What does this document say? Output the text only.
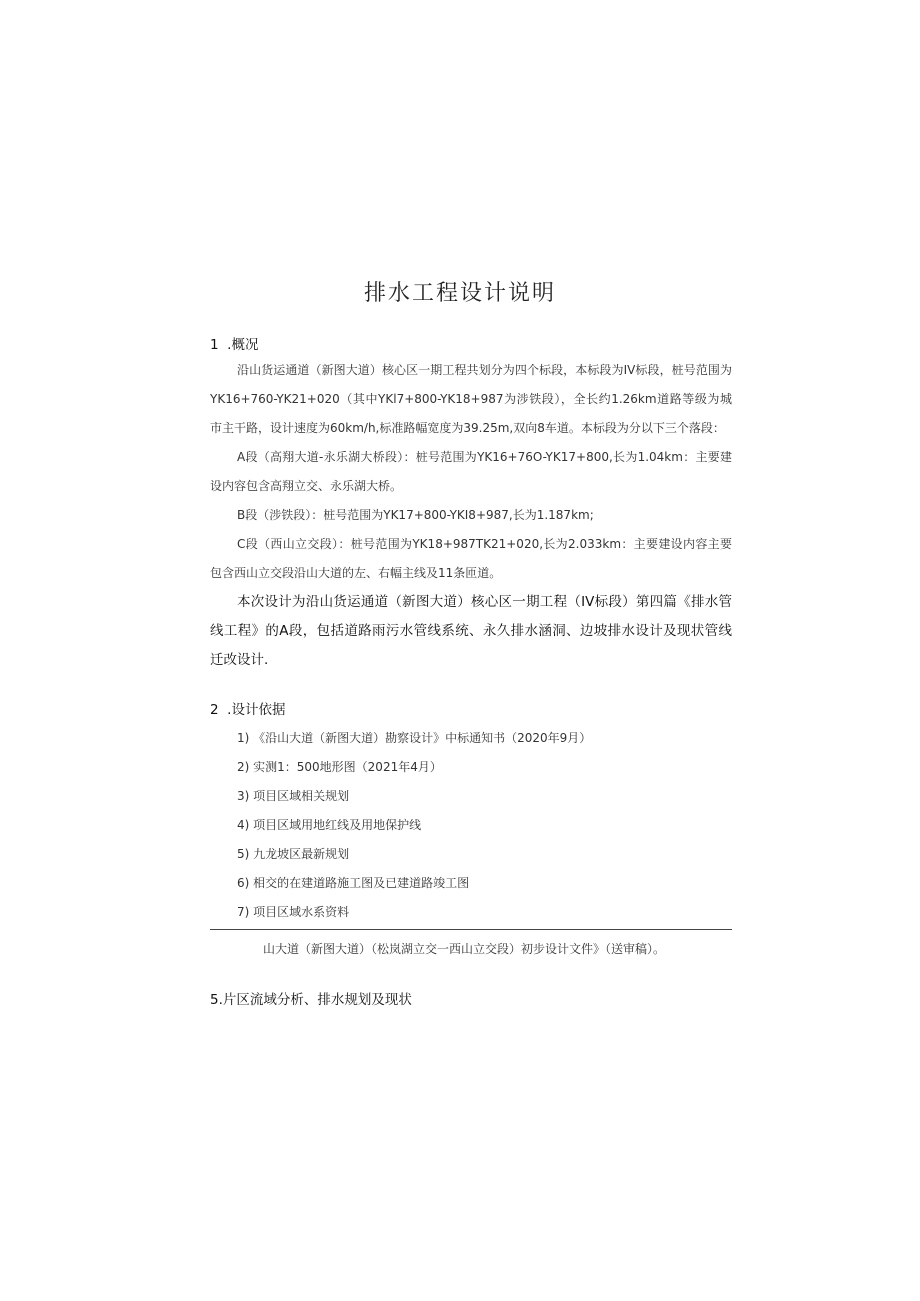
排水工程设计说明
1  .概况
沿山货运通道（新图大道）核心区一期工程共划分为四个标段，本标段为IV标段，桩号范围为YK16+760-YK21+020（其中YKl7+800-YK18+987为涉铁段），全长约1.26km道路等级为城市主干路，设计速度为60km/h,标准路幅宽度为39.25m,双向8车道。本标段为分以下三个落段：
A段（高翔大道-永乐湖大桥段）：桩号范围为YK16+76O-YK17+800,长为1.04km：主要建设内容包含高翔立交、永乐湖大桥。
B段（涉铁段）：桩号范围为YK17+800-YKI8+987,长为1.187km;
C段（西山立交段）：桩号范围为YK18+987TK21+020,长为2.033km：主要建设内容主要包含西山立交段沿山大道的左、右幅主线及11条匝道。
本次设计为沿山货运通道（新图大道）核心区一期工程（IV标段）第四篇《排水管线工程》的A段，包括道路雨污水管线系统、永久排水涵洞、边坡排水设计及现状管线迁改设计.
2  .设计依据
1) 《沿山大道（新图大道）勘察设计》中标通知书（2020年9月）
2) 实测1：500地形图（2021年4月）
3) 项目区域相关规划
4) 项目区域用地红线及用地保护线
5) 九龙坡区最新规划
6) 相交的在建道路施工图及已建道路竣工图
7) 项目区域水系资料
山大道（新图大道）（松岚湖立交一西山立交段）初步设计文件》（送审稿）。
5.片区流域分析、排水规划及现状
